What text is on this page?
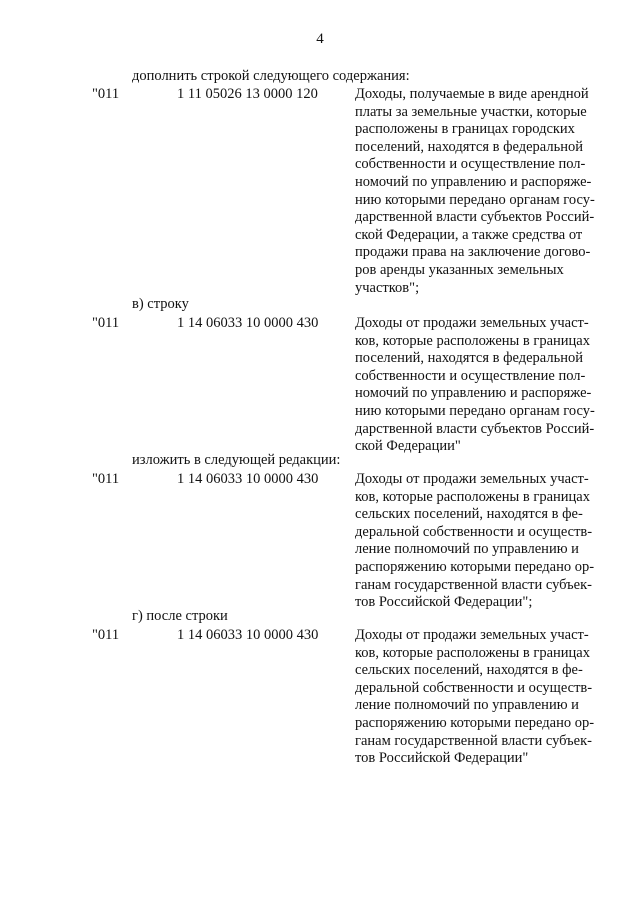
4
дополнить строкой следующего содержания:
"011	1 11 05026 13 0000 120	Доходы, получаемые в виде арендной
платы за земельные участки, которые
расположены в границах городских
поселений, находятся в федеральной
собственности и осуществление пол-
номочий по управлению и распоряже-
нию которыми передано органам госу-
дарственной власти субъектов Россий-
ской Федерации, а также средства от
продажи права на заключение догово-
ров аренды указанных земельных
участков";
в) строку
"011	1 14 06033 10 0000 430	Доходы от продажи земельных участ-
ков, которые расположены в границах
поселений, находятся в федеральной
собственности и осуществление пол-
номочий по управлению и распоряже-
нию которыми передано органам госу-
дарственной власти субъектов Россий-
ской Федерации"
изложить в следующей редакции:
"011	1 14 06033 10 0000 430	Доходы от продажи земельных участ-
ков, которые расположены в границах
сельских поселений, находятся в фе-
деральной собственности и осуществ-
ление полномочий по управлению и
распоряжению которыми передано ор-
ганам государственной власти субъек-
тов Российской Федерации";
г) после строки
"011	1 14 06033 10 0000 430	Доходы от продажи земельных участ-
ков, которые расположены в границах
сельских поселений, находятся в фе-
деральной собственности и осуществ-
ление полномочий по управлению и
распоряжению которыми передано ор-
ганам государственной власти субъек-
тов Российской Федерации"
